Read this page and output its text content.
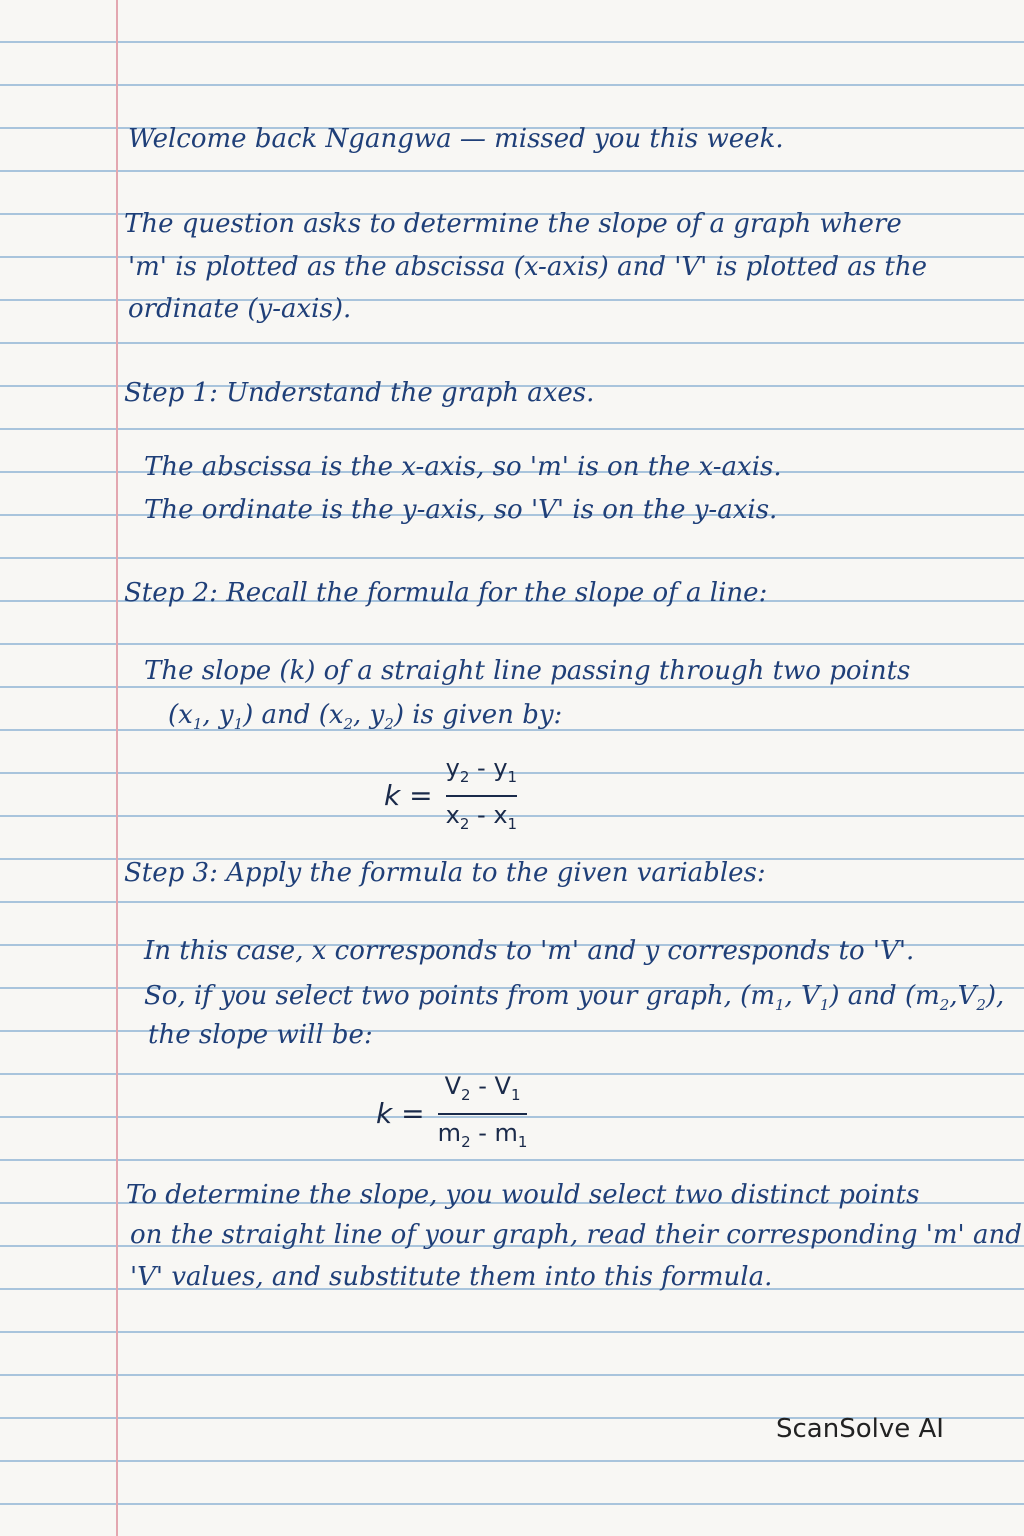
Welcome back Ngangwa — missed you this week.
The question asks to determine the slope of a graph where
'm' is plotted as the abscissa (x-axis) and 'V' is plotted as the
ordinate (y-axis).
Step 1: Understand the graph axes.
The abscissa is the x-axis, so 'm' is on the x-axis.
The ordinate is the y-axis, so 'V' is on the y-axis.
Step 2: Recall the formula for the slope of a line:
The slope (k) of a straight line passing through two points
($x_1$, $y_1$) and ($x_2$, $y_2$) is given by:
$k = \frac{y_2 - y_1}{x_2 - x_1}$
Step 3: Apply the formula to the given variables:
In this case, x corresponds to 'm' and y corresponds to 'V'.
So, if you select two points from your graph, ($m_1$, $V_1$) and $(m_2,V_2)$,
the slope will be:
$k = \frac{V_2 - V_1}{m_2 - m_1}$
To determine the slope, you would select two distinct points
on the straight line of your graph, read their corresponding 'm' and
'V' values, and substitute them into this formula.
ScanSolve AI
